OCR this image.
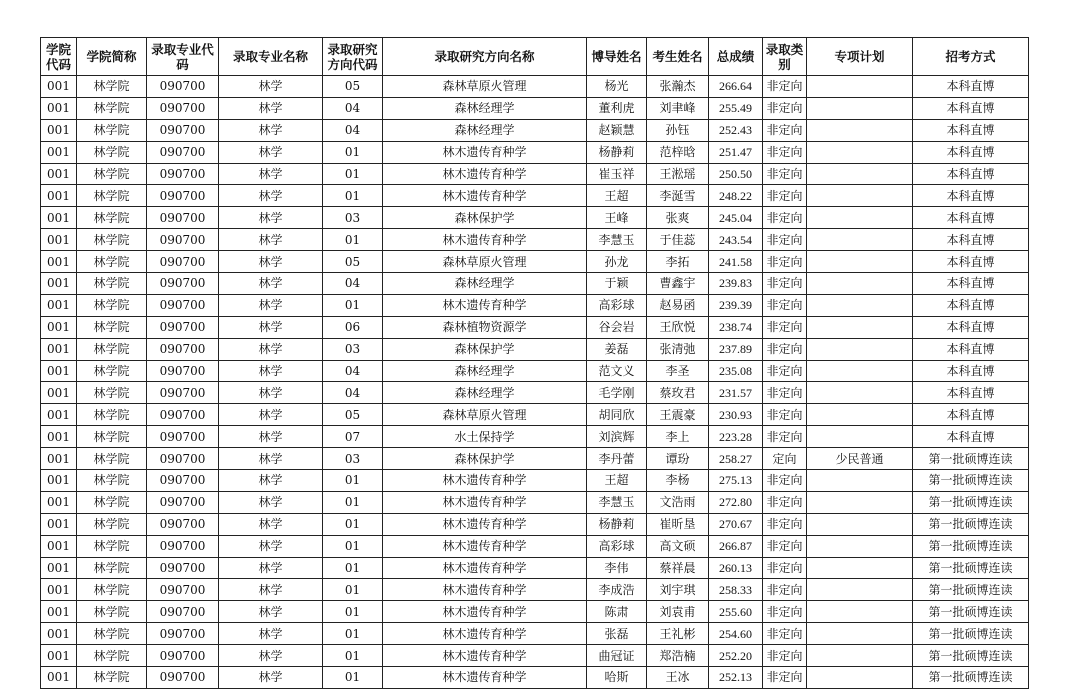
学院代码	学院简称	录取专业代码	录取专业名称	录取研究方向代码	录取研究方向名称	博导姓名	考生姓名	总成绩	录取类别	专项计划	招考方式
001	林学院	090700	林学	05	森林草原火管理	杨光	张瀚杰	266.64	非定向		本科直博
001	林学院	090700	林学	04	森林经理学	董利虎	刘聿峰	255.49	非定向		本科直博
001	林学院	090700	林学	04	森林经理学	赵颖慧	孙钰	252.43	非定向		本科直博
001	林学院	090700	林学	01	林木遗传育种学	杨静莉	范梓晗	251.47	非定向		本科直博
001	林学院	090700	林学	01	林木遗传育种学	崔玉祥	王淞瑶	250.50	非定向		本科直博
001	林学院	090700	林学	01	林木遗传育种学	王超	李涎雪	248.22	非定向		本科直博
001	林学院	090700	林学	03	森林保护学	王峰	张爽	245.04	非定向		本科直博
001	林学院	090700	林学	01	林木遗传育种学	李慧玉	于佳蕊	243.54	非定向		本科直博
001	林学院	090700	林学	05	森林草原火管理	孙龙	李拓	241.58	非定向		本科直博
001	林学院	090700	林学	04	森林经理学	于颖	曹鑫宇	239.83	非定向		本科直博
001	林学院	090700	林学	01	林木遗传育种学	高彩球	赵易函	239.39	非定向		本科直博
001	林学院	090700	林学	06	森林植物资源学	谷会岩	王欣悦	238.74	非定向		本科直博
001	林学院	090700	林学	03	森林保护学	姜磊	张清弛	237.89	非定向		本科直博
001	林学院	090700	林学	04	森林经理学	范文义	李圣	235.08	非定向		本科直博
001	林学院	090700	林学	04	森林经理学	毛学刚	蔡玫君	231.57	非定向		本科直博
001	林学院	090700	林学	05	森林草原火管理	胡同欣	王震豪	230.93	非定向		本科直博
001	林学院	090700	林学	07	水土保持学	刘滨辉	李上	223.28	非定向		本科直博
001	林学院	090700	林学	03	森林保护学	李丹蕾	谭玢	258.27	定向	少民普通	第一批硕博连读
001	林学院	090700	林学	01	林木遗传育种学	王超	李杨	275.13	非定向		第一批硕博连读
001	林学院	090700	林学	01	林木遗传育种学	李慧玉	文浩雨	272.80	非定向		第一批硕博连读
001	林学院	090700	林学	01	林木遗传育种学	杨静莉	崔昕垦	270.67	非定向		第一批硕博连读
001	林学院	090700	林学	01	林木遗传育种学	高彩球	高文硕	266.87	非定向		第一批硕博连读
001	林学院	090700	林学	01	林木遗传育种学	李伟	蔡祥晨	260.13	非定向		第一批硕博连读
001	林学院	090700	林学	01	林木遗传育种学	李成浩	刘宇琪	258.33	非定向		第一批硕博连读
001	林学院	090700	林学	01	林木遗传育种学	陈肃	刘袁甫	255.60	非定向		第一批硕博连读
001	林学院	090700	林学	01	林木遗传育种学	张磊	王礼彬	254.60	非定向		第一批硕博连读
001	林学院	090700	林学	01	林木遗传育种学	曲冠证	郑浩楠	252.20	非定向		第一批硕博连读
001	林学院	090700	林学	01	林木遗传育种学	哈斯	王冰	252.13	非定向		第一批硕博连读
